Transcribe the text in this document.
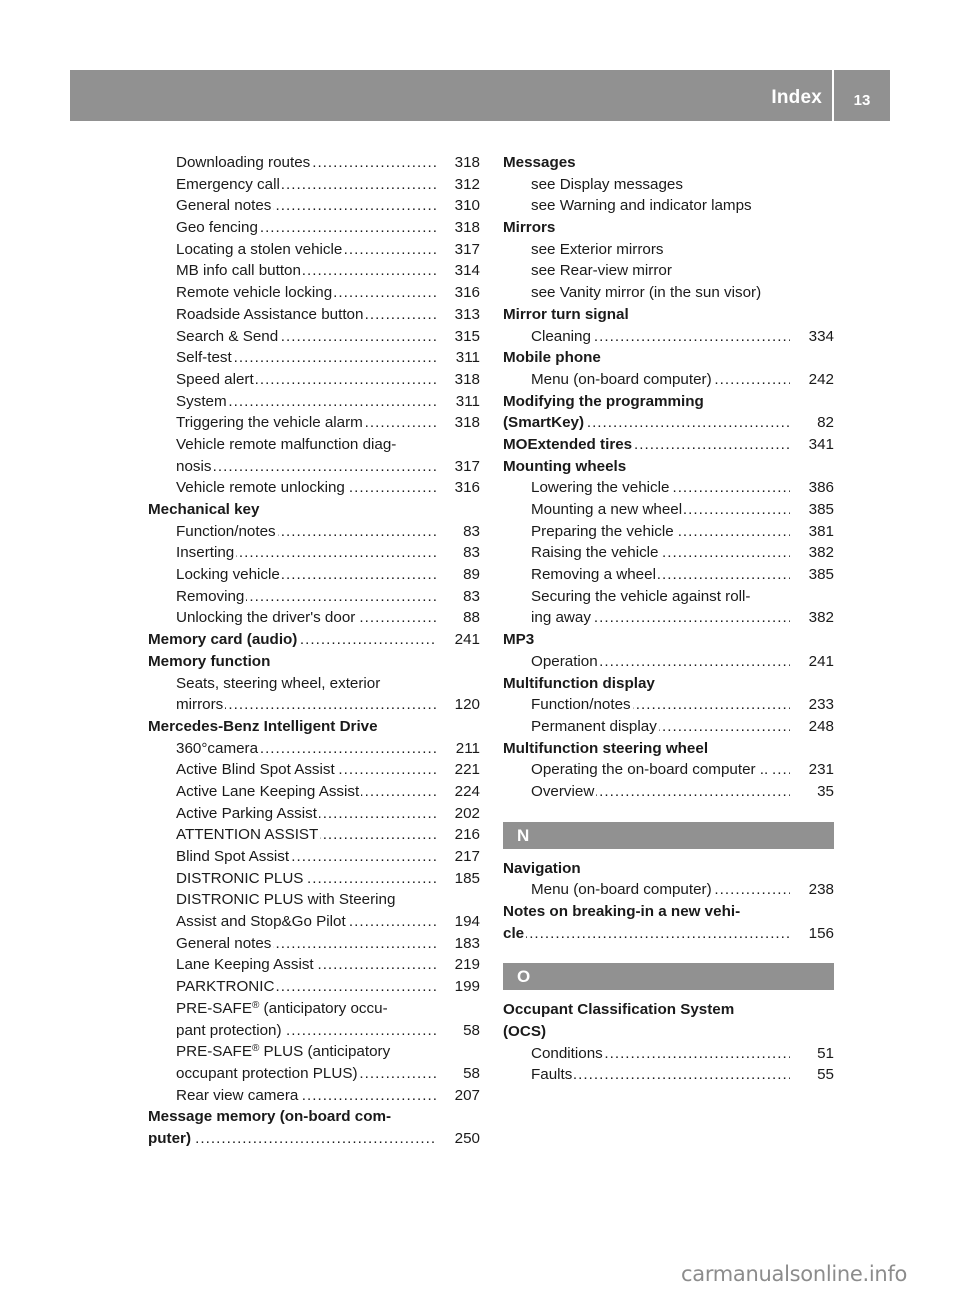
Index	13
. . . Downloading routes	318
. . . Emergency call	312
. . . General notes	310
. . . Geo fencing	318
. . . Locating a stolen vehicle	317
. . . MB info call button	314
. . . Remote vehicle locking	316
. . . Roadside Assistance button	313
. . . Search & Send	315
. . . Self-test	311
. . . Speed alert	318
. . . System	311
. . . Triggering the vehicle alarm	318
Vehicle remote malfunction diag-
. . . nosis	317
. . . Vehicle remote unlocking	316
Mechanical key
. . . Function/notes	83
. . . Inserting	83
. . . Locking vehicle	89
. . . Removing	83
. . . Unlocking the driver's door	88
. . . Memory card (audio)	241
Memory function
Seats, steering wheel, exterior
. . . mirrors	120
Mercedes-Benz Intelligent Drive
. . . 360°camera	211
. . . Active Blind Spot Assist	221
. . . Active Lane Keeping Assist	224
. . . Active Parking Assist	202
. . . ATTENTION ASSIST	216
. . . Blind Spot Assist	217
. . . DISTRONIC PLUS	185
DISTRONIC PLUS with Steering
. . . Assist and Stop&Go Pilot	194
. . . General notes	183
. . . Lane Keeping Assist	219
. . . PARKTRONIC	199
PRE-SAFE® (anticipatory occu-
. . . pant protection)	58
PRE-SAFE® PLUS (anticipatory
. . . occupant protection PLUS)	58
. . . Rear view camera	207
Message memory (on-board com-
. . . puter)	250
Messages
see Display messages
see Warning and indicator lamps
Mirrors
see Exterior mirrors
see Rear-view mirror
see Vanity mirror (in the sun visor)
Mirror turn signal
. . . Cleaning	334
Mobile phone
. . . Menu (on-board computer)	242
Modifying the programming
. . . (SmartKey)	82
. . . MOExtended tires	341
Mounting wheels
. . . Lowering the vehicle	386
. . . Mounting a new wheel	385
. . . Preparing the vehicle	381
. . . Raising the vehicle	382
. . . Removing a wheel	385
Securing the vehicle against roll-
. . . ing away	382
MP3
. . . Operation	241
Multifunction display
. . . Function/notes	233
. . . Permanent display	248
Multifunction steering wheel
. . . Operating the on-board computer ..	231
. . . Overview	35
N
Navigation
. . . Menu (on-board computer)	238
Notes on breaking-in a new vehi-
. . . cle	156
O
Occupant Classification System
(OCS)
. . . Conditions	51
. . . Faults	55
carmanualsonline.info
